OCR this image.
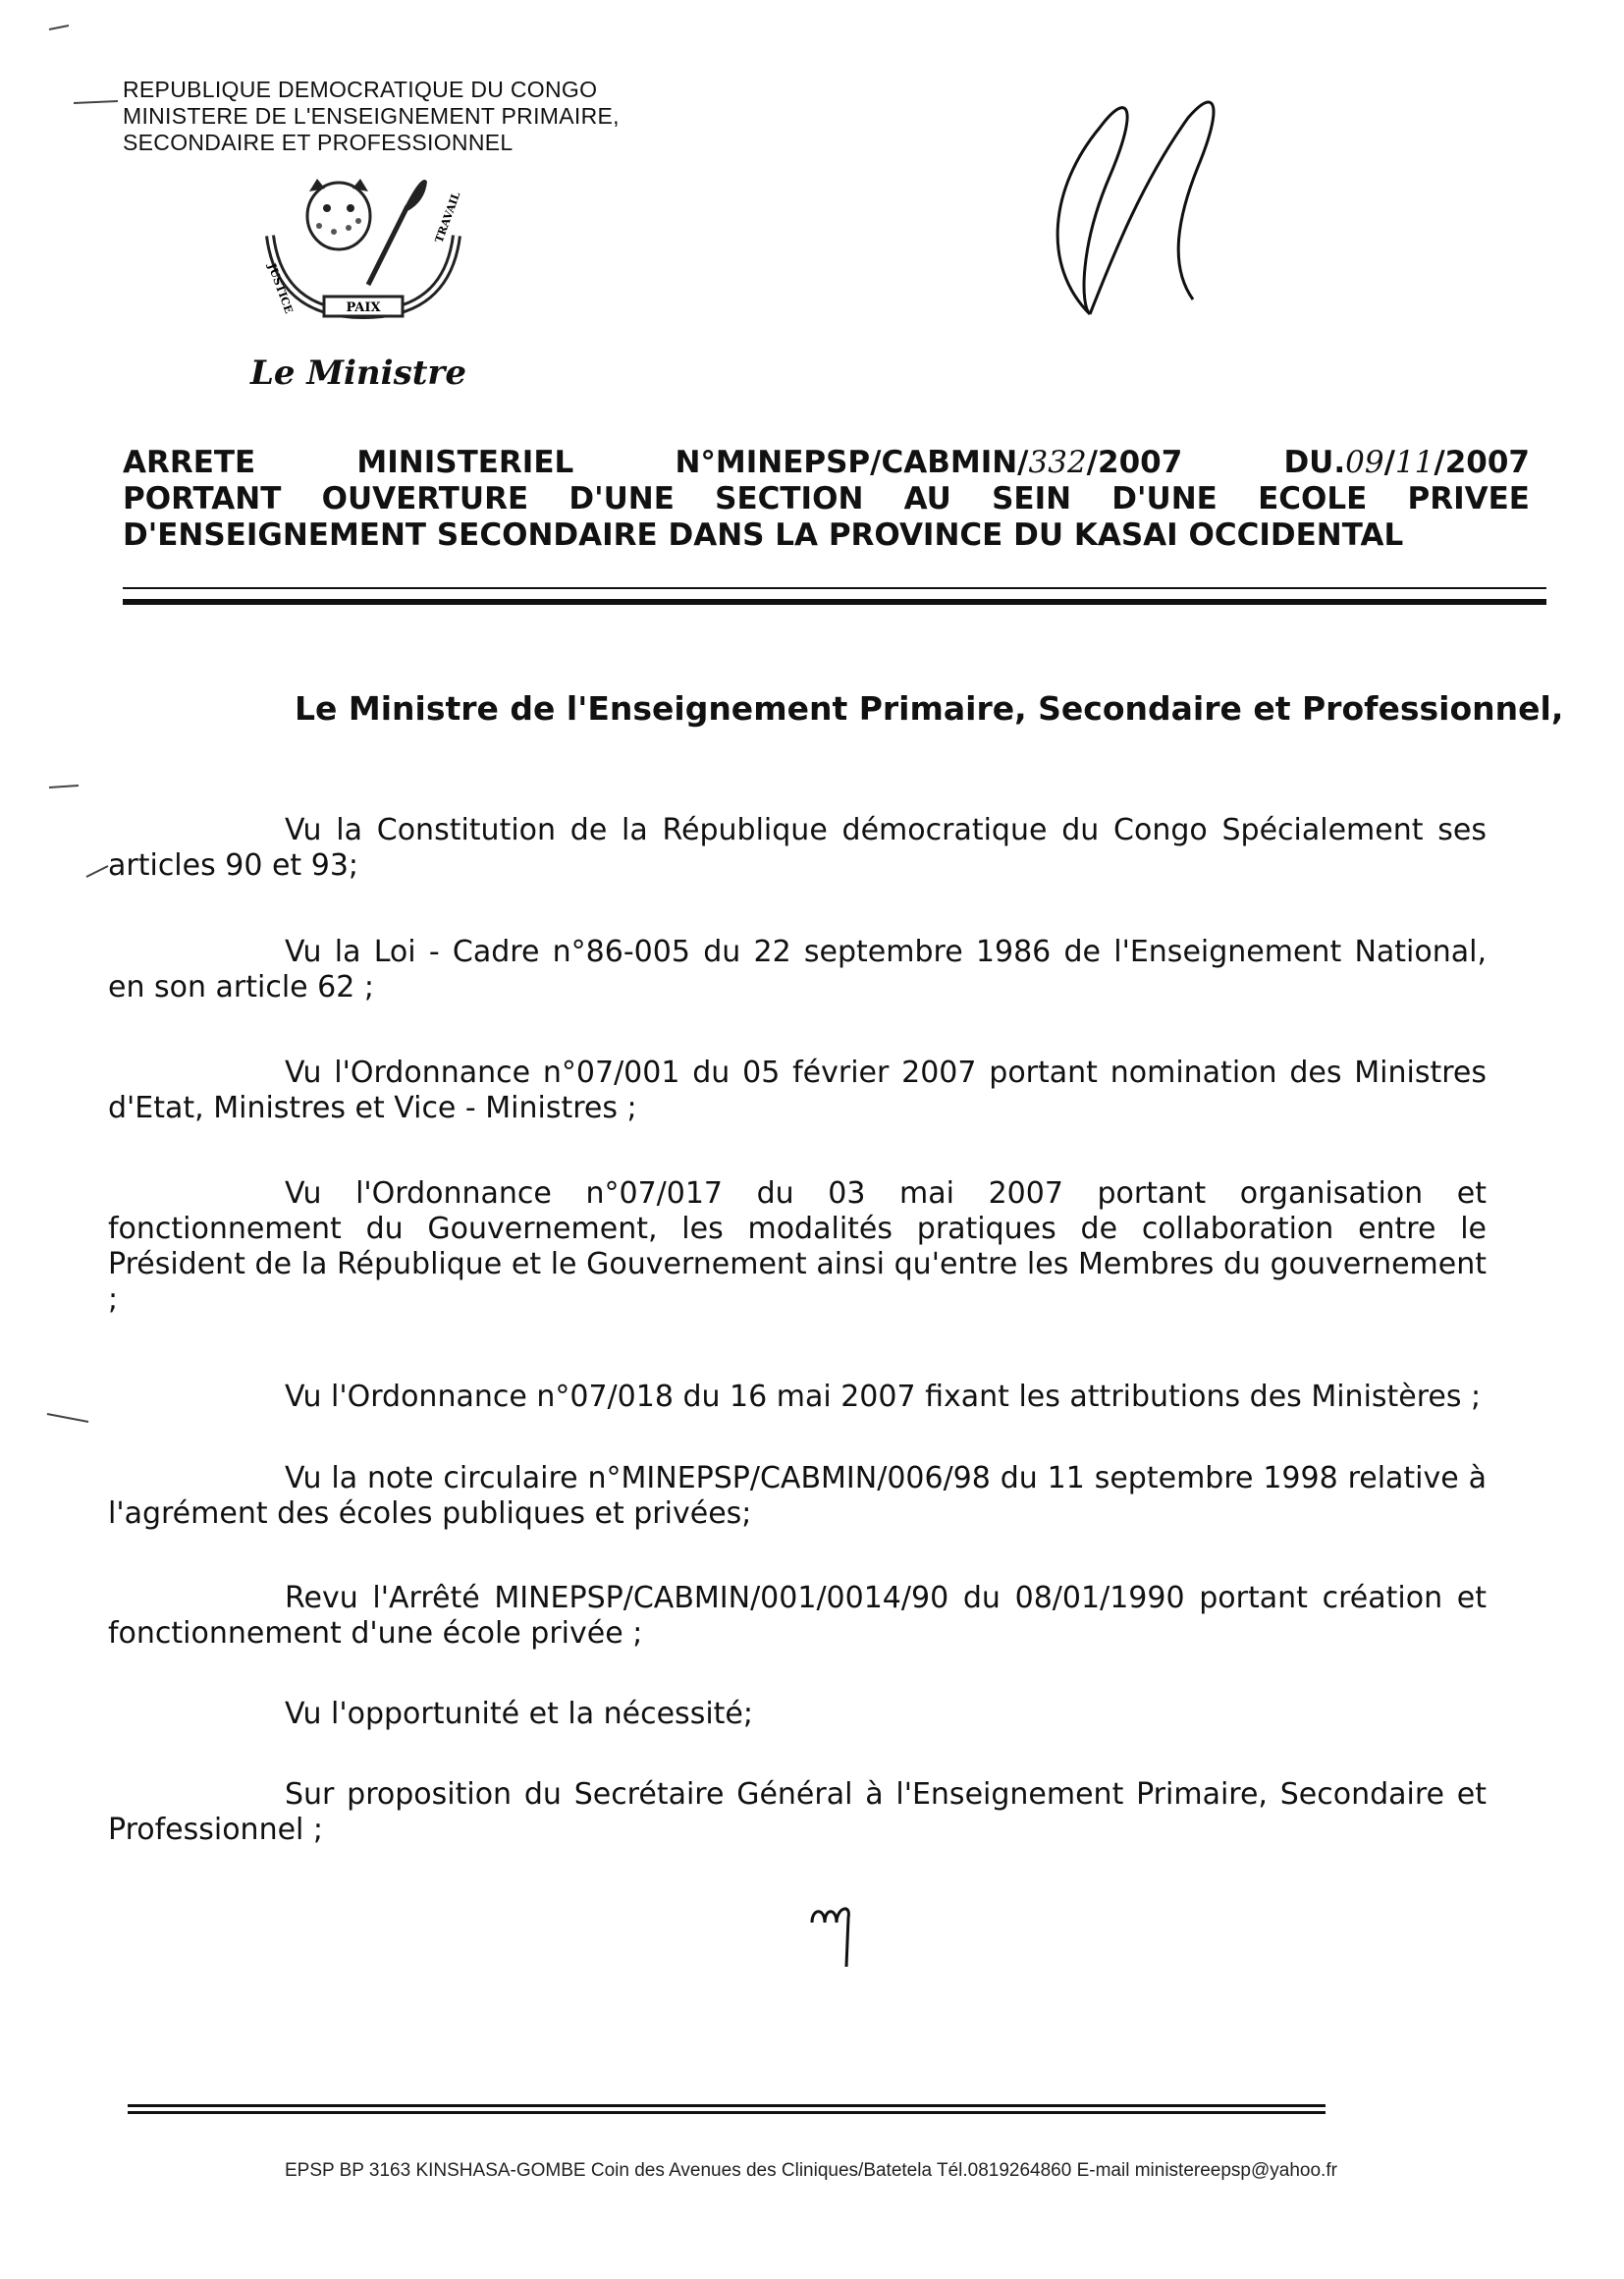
REPUBLIQUE DEMOCRATIQUE DU CONGO
MINISTERE DE L'ENSEIGNEMENT PRIMAIRE,
SECONDAIRE ET PROFESSIONNEL
JUSTICE	PAIX
TRAVAIL
Le Ministre
ARRETE	MINISTERIEL	N°MINEPSP/CABMIN/332/2007	DU.09/11/2007
PORTANT OUVERTURE D'UNE SECTION AU SEIN D'UNE ECOLE PRIVEE
D'ENSEIGNEMENT SECONDAIRE DANS LA PROVINCE DU KASAI OCCIDENTAL
Le Ministre de l'Enseignement Primaire, Secondaire et Professionnel,
Vu la Constitution de la République démocratique du Congo Spécialement ses articles 90 et 93;
Vu la Loi - Cadre n°86-005 du 22 septembre 1986 de l'Enseignement National, en son article 62 ;
Vu l'Ordonnance n°07/001 du 05 février 2007 portant nomination des Ministres d'Etat, Ministres et Vice - Ministres ;
Vu l'Ordonnance n°07/017 du 03 mai 2007 portant organisation et fonctionnement du Gouvernement, les modalités pratiques de collaboration entre le Président de la République et le Gouvernement ainsi qu'entre les Membres du gouvernement ;
Vu l'Ordonnance n°07/018 du 16 mai 2007 fixant les attributions des Ministères ;
Vu la note circulaire n°MINEPSP/CABMIN/006/98 du 11 septembre 1998 relative à l'agrément des écoles publiques et privées;
Revu l'Arrêté MINEPSP/CABMIN/001/0014/90 du 08/01/1990 portant création et fonctionnement d'une école privée ;
Vu l'opportunité et la nécessité;
Sur proposition du Secrétaire Général à l'Enseignement Primaire, Secondaire et Professionnel ;
EPSP BP 3163 KINSHASA-GOMBE Coin des Avenues des Cliniques/Batetela Tél.0819264860 E-mail ministereepsp@yahoo.fr
